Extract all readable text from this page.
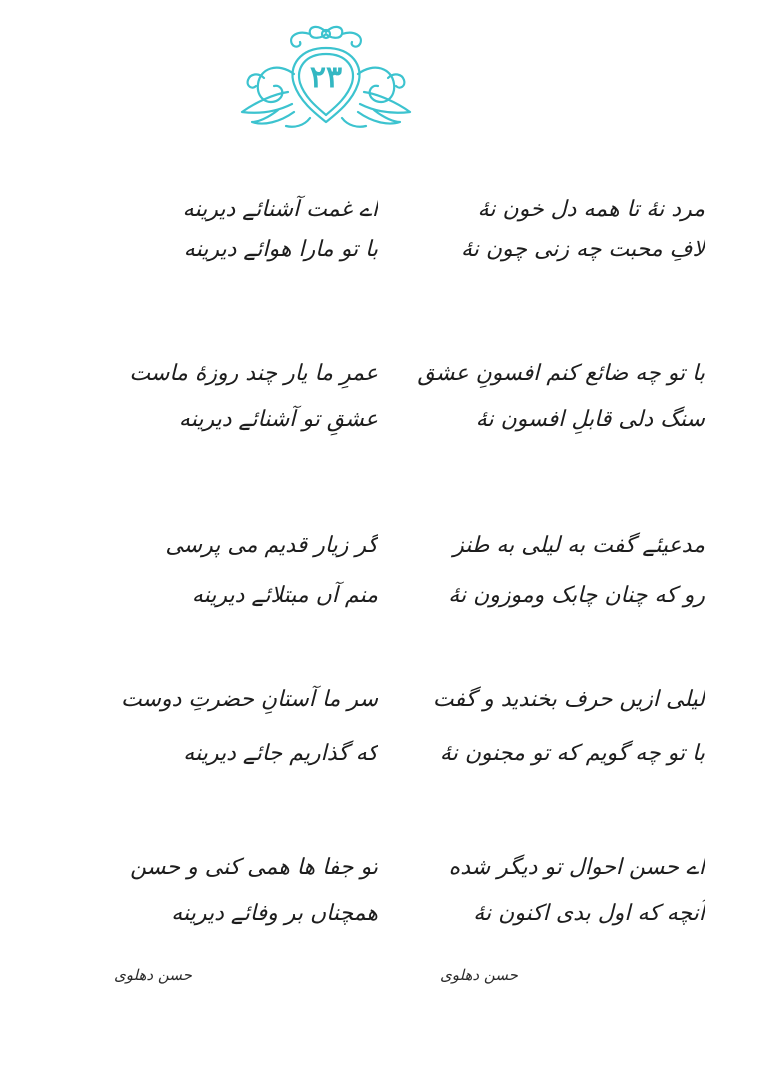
۲۳
مرد نهٔ تا همه دل خون نهٔ
لافِ محبت چه زنی چون نهٔ
اے غمت آشنائے دیرینه
با تو مارا هوائے دیرینه
با تو چه ضائع کنم افسونِ عشق
سنگ دلی قابلِ افسون نهٔ
عمرِ ما یار چند روزهٔ ماست
عشقِ تو آشنائے دیرینه
مدعیئے گفت به لیلی به طنز
رو که چنان چابک وموزون نهٔ
گر زیار قدیم می پرسی
منم آں مبتلائے دیرینه
لیلی ازیں حرف بخندید و گفت
با تو چه گویم که تو مجنون نهٔ
سر ما آستانِ حضرتِ دوست
که گذاریم جائے دیرینه
اے حسن احوال تو دیگر شده
آنچه که اول بدی اکنون نهٔ
تو جفا ها همی کنی و حسن
همچناں بر وفائے دیرینه
حسن دهلوی
حسن دهلوی
